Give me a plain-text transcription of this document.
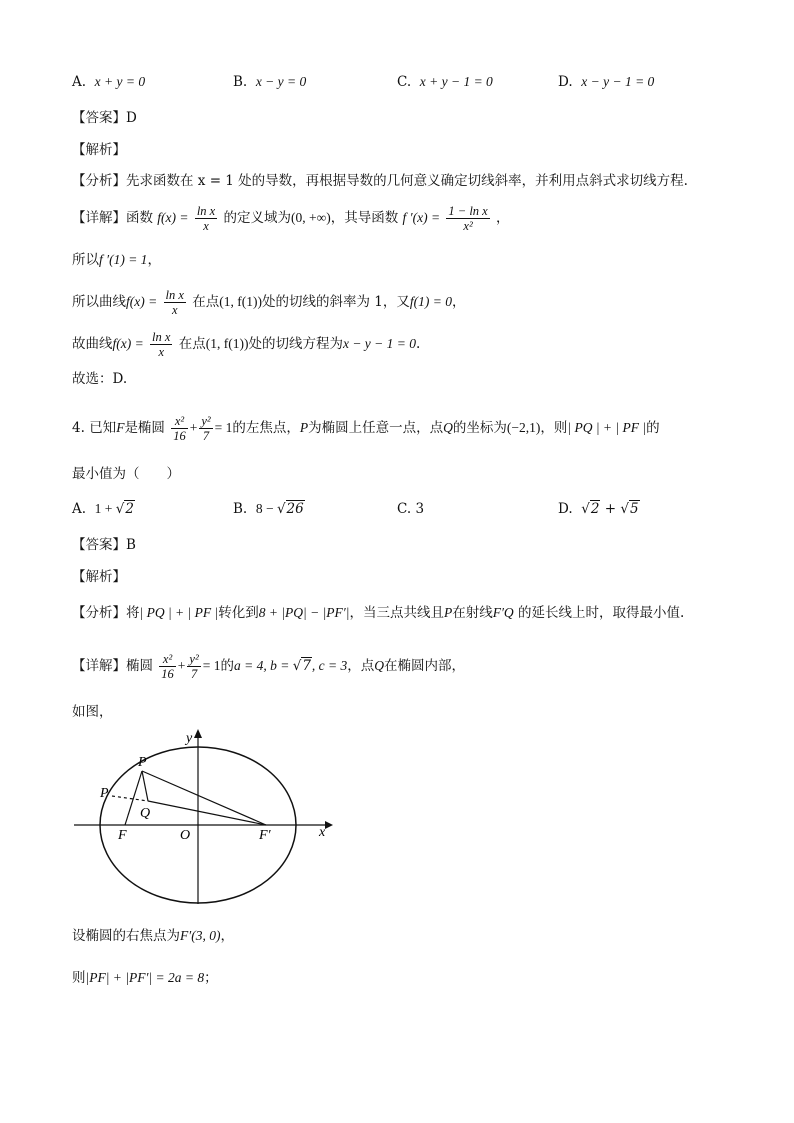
A. x + y = 0	B. x − y = 0	C. x + y − 1 = 0	D. x − y − 1 = 0
【答案】D
【解析】
【分析】先求函数在 x = 1 处的导数，再根据导数的几何意义确定切线斜率，并利用点斜式求切线方程.
【详解】函数 $f(x) = \frac{\text{ln x}}{x}$ 的定义域为(0, +∞)，其导函数 f $'(x) = \frac{\text{1 − ln x}}{\text{x²}}$ ，
所以f ′(1) = 1，
所以曲线$f(x) = \frac{\text{ln x}}{x}$ 在点(1, f(1))处的切线的斜率为 1，又f(1) = 0，
故曲线$f(x) = \frac{\text{ln x}}{x}$ 在点(1, f(1))处的切线方程为x − y − 1 = 0.
故选：D.
4. 已知F是椭圆 $\frac{\text{x²}}{16} + \frac{\text{y²}}{7} = 1$的左焦点，P为椭圆上任意一点，点Q的坐标为(−2,1)，则| PQ | + | PF |的
最小值为（　　）
A. 1 + √2	B. 8 − √26	C. 3	D. √2 + √5
【答案】B
【解析】
【分析】将| PQ | + | PF |转化到8 + |PQ| − |PF′|，当三点共线且P在射线F′Q 的延长线上时，取得最小值.
【详解】椭圆 $\frac{\text{x²}}{16} + \frac{\text{y²}}{7} = 1$的a = 4, b = √7, c = 3，点Q在椭圆内部，
如图，
y
x
P
P
Q
F	O	F′
设椭圆的右焦点为F′(3, 0)，
则|PF| + |PF′| = 2a = 8；
